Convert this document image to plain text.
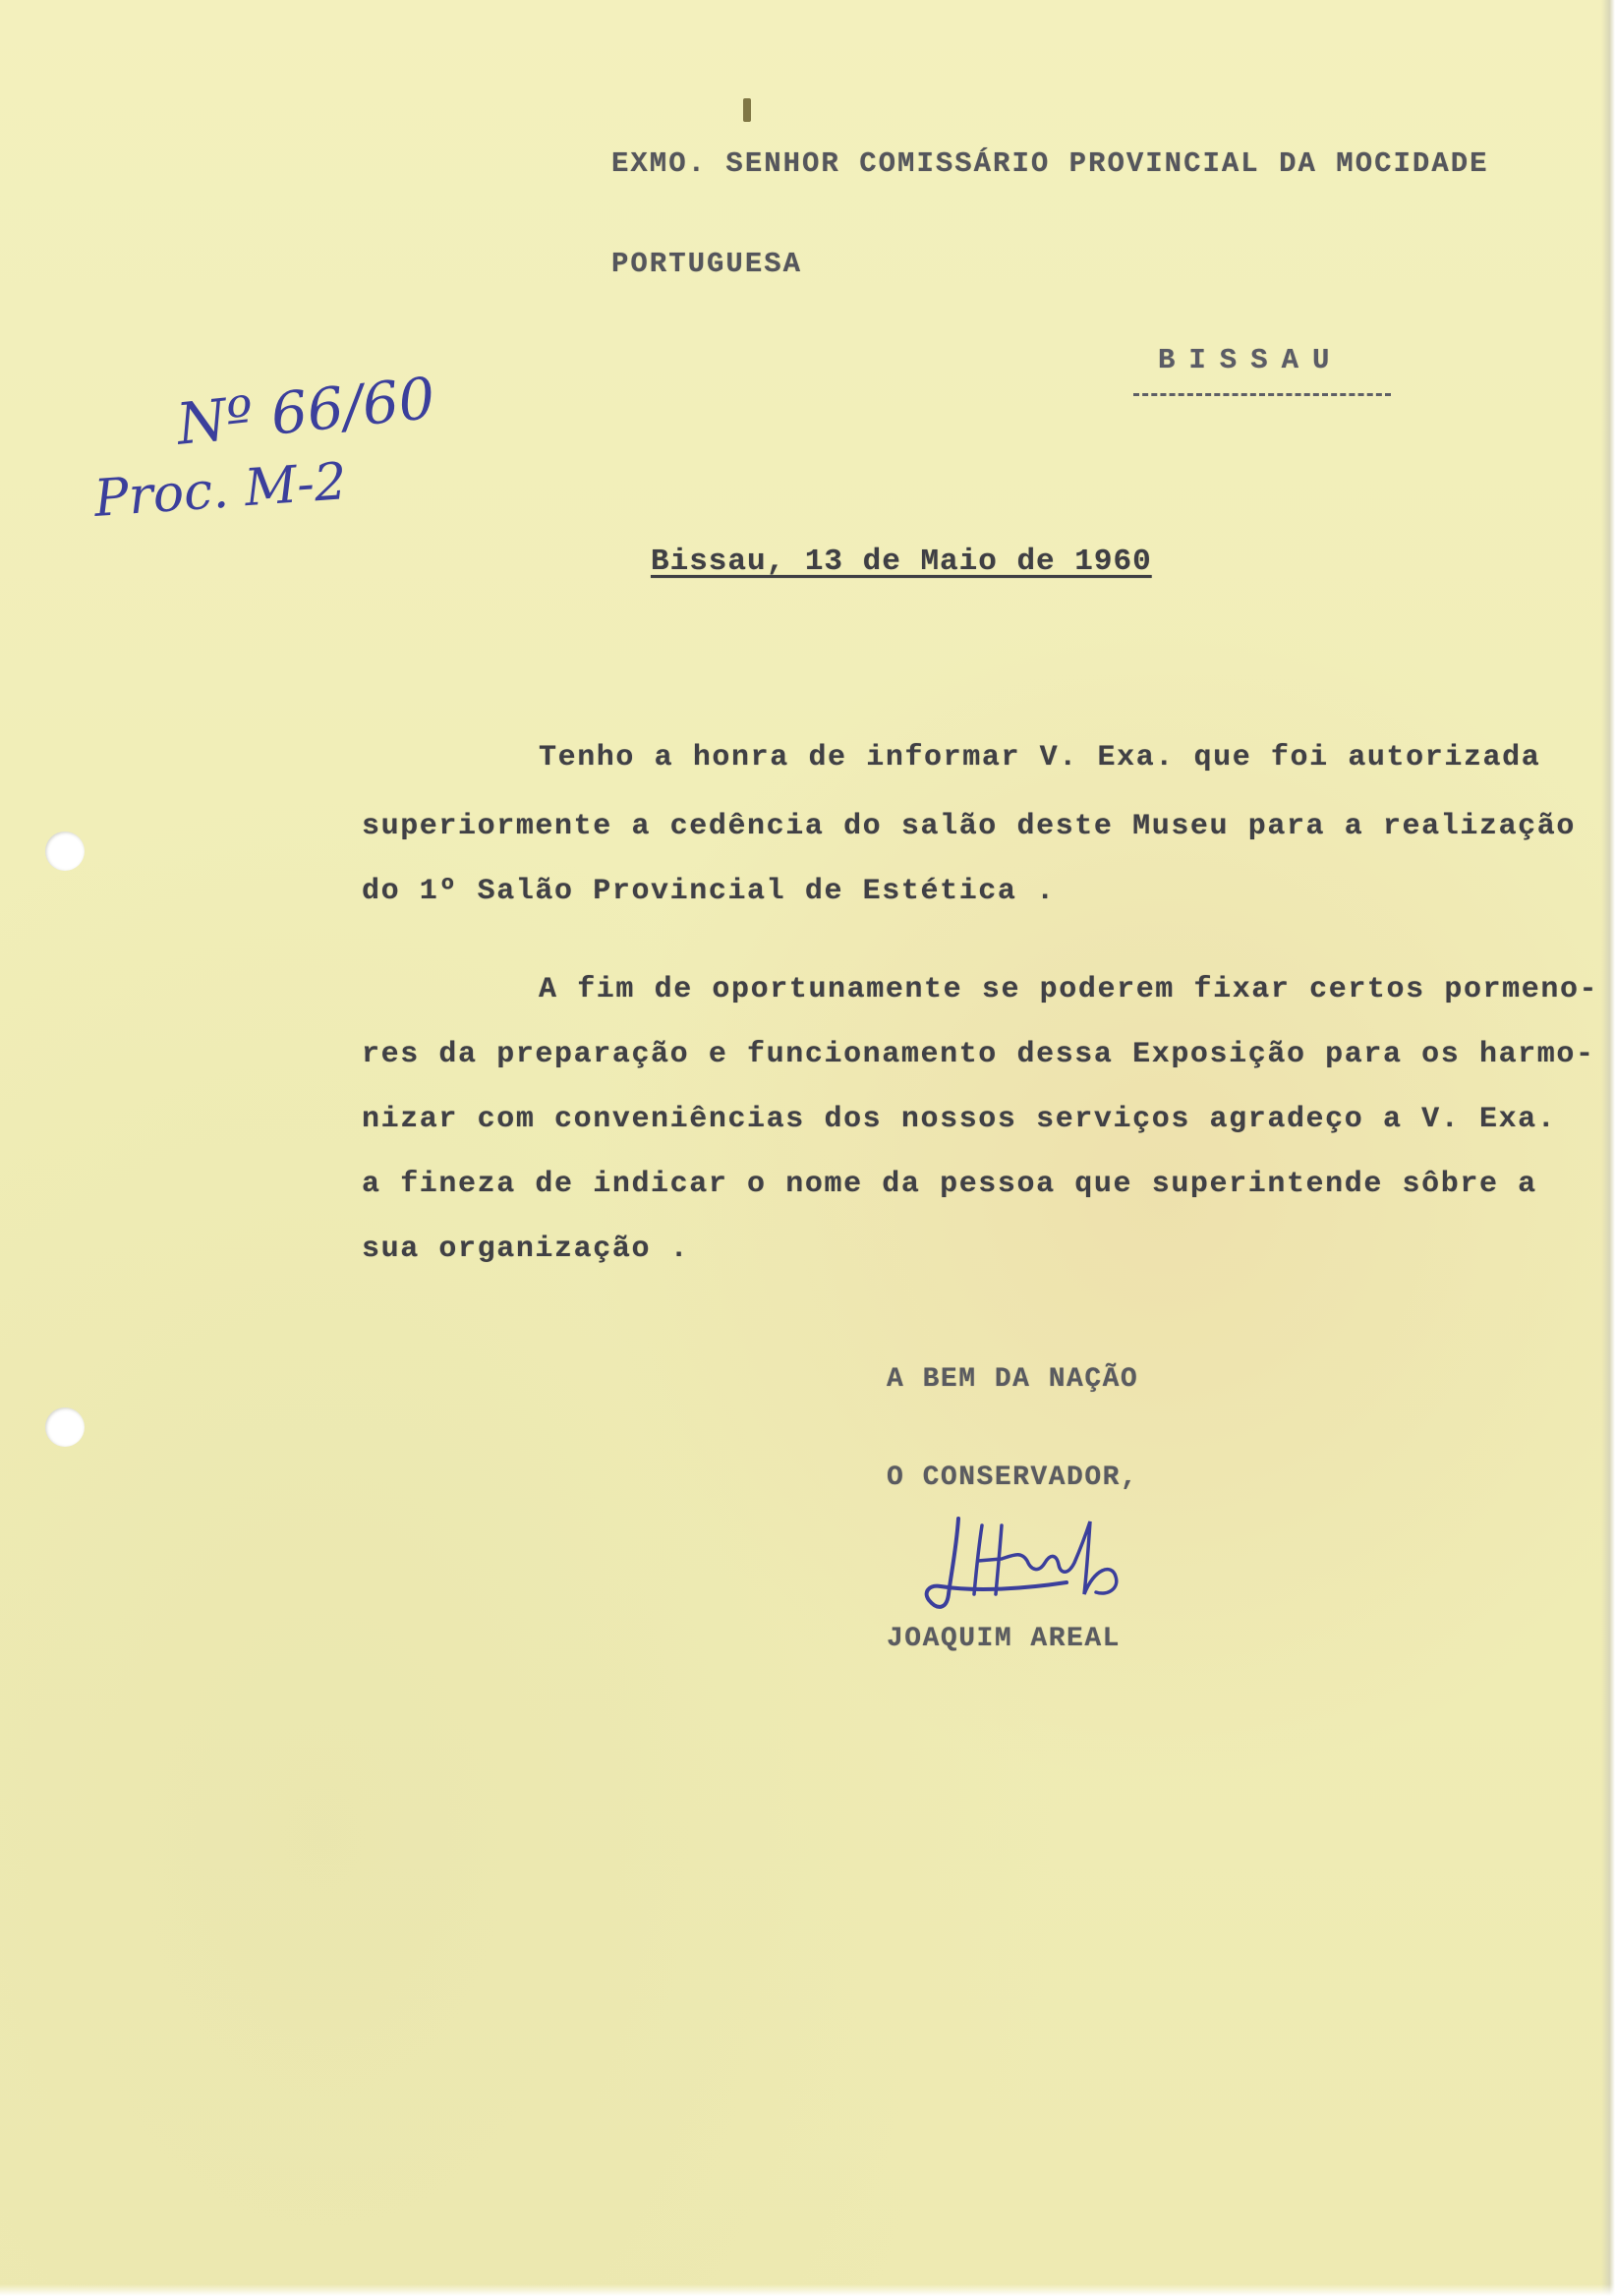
EXMO. SENHOR COMISSÁRIO PROVINCIAL DA MOCIDADE
PORTUGUESA
BISSAU
Nº 66/60
Proc. M-2
Bissau, 13 de Maio de 1960
Tenho a honra de informar V. Exa. que foi autorizada
superiormente a cedência do salão deste Museu para a realização
do 1º Salão Provincial de Estética .
A fim de oportunamente se poderem fixar certos pormeno-
res da preparação e funcionamento dessa Exposição para os harmo-
nizar com conveniências dos nossos serviços agradeço a V. Exa.
a fineza de indicar o nome da pessoa que superintende sôbre a
sua organização .
A BEM DA NAÇÃO
O CONSERVADOR,
JOAQUIM AREAL
